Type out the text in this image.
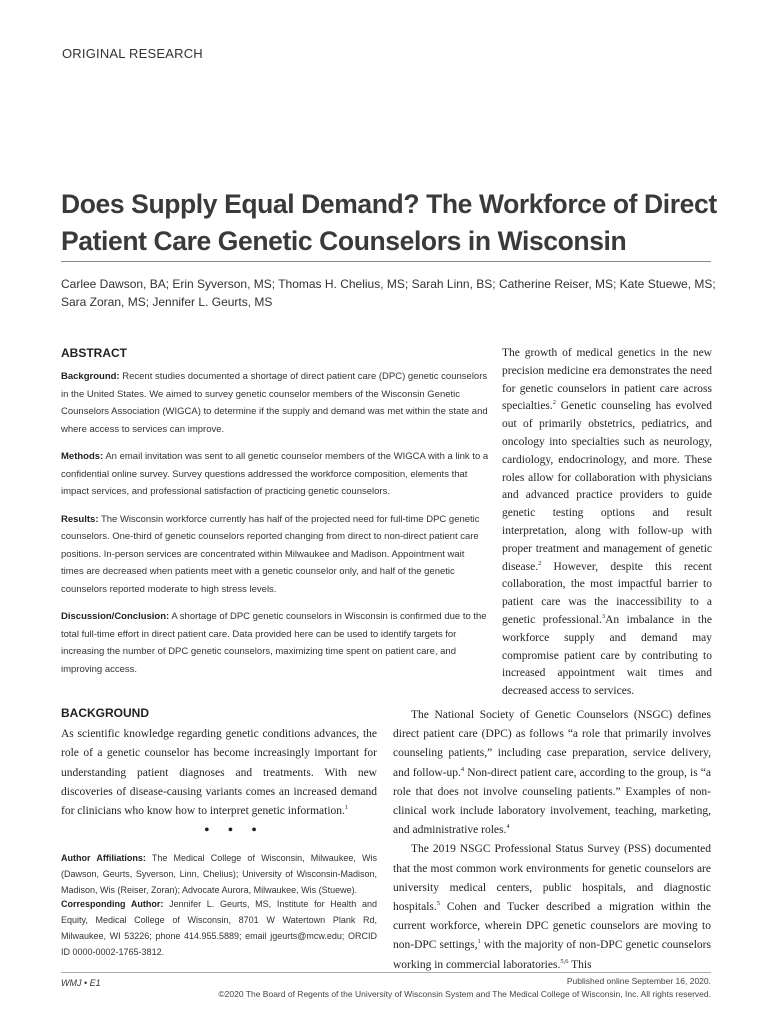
ORIGINAL RESEARCH
Does Supply Equal Demand? The Workforce of Direct Patient Care Genetic Counselors in Wisconsin

Carlee Dawson, BA; Erin Syverson, MS; Thomas H. Chelius, MS; Sarah Linn, BS; Catherine Reiser, MS; Kate Stuewe, MS; Sara Zoran, MS; Jennifer L. Geurts, MS

ABSTRACT

Background: Recent studies documented a shortage of direct patient care (DPC) genetic counselors in the United States. We aimed to survey genetic counselor members of the Wisconsin Genetic Counselors Association (WIGCA) to determine if the supply and demand was met within the state and where access to services can improve.

Methods: An email invitation was sent to all genetic counselor members of the WIGCA with a link to a confidential online survey. Survey questions addressed the workforce composition, elements that impact services, and professional satisfaction of practicing genetic counselors.

Results: The Wisconsin workforce currently has half of the projected need for full-time DPC genetic counselors. One-third of genetic counselors reported changing from direct to non-direct patient care positions. In-person services are concentrated within Milwaukee and Madison. Appointment wait times are decreased when patients meet with a genetic counselor only, and half of the genetic counselors reported moderate to high stress levels.

Discussion/Conclusion: A shortage of DPC genetic counselors in Wisconsin is confirmed due to the total full-time effort in direct patient care. Data provided here can be used to identify targets for increasing the number of DPC genetic counselors, maximizing time spent on patient care, and improving access.

The growth of medical genetics in the new precision medicine era demonstrates the need for genetic counselors in patient care across specialties.$^2$ Genetic counseling has evolved out of primarily obstetrics, pediatrics, and oncology into specialties such as neurology, cardiology, endocrinology, and more. These roles allow for collaboration with physicians and advanced practice providers to guide genetic testing options and result interpretation, along with follow-up with proper treatment and management of genetic disease.$^2$ However, despite this recent collaboration, the most impactful barrier to patient care was the inaccessibility to a genetic professional.$^3$An imbalance in the workforce supply and demand may compromise patient care by contributing to increased appointment wait times and decreased access to services.

BACKGROUND

As scientific knowledge regarding genetic conditions advances, the role of a genetic counselor has become increasingly important for understanding patient diagnoses and treatments. With new discoveries of disease-causing variants comes an increased demand for clinicians who know how to interpret genetic information.$^1$

• • •

Author Affiliations: The Medical College of Wisconsin, Milwaukee, Wis (Dawson, Geurts, Syverson, Linn, Chelius); University of Wisconsin-Madison, Madison, Wis (Reiser, Zoran); Advocate Aurora, Milwaukee, Wis (Stuewe).

Corresponding Author: Jennifer L. Geurts, MS, Institute for Health and Equity, Medical College of Wisconsin, 8701 W Watertown Plank Rd, Milwaukee, WI 53226; phone 414.955.5889; email jgeurts@mcw.edu; ORCID ID 0000-0002-1765-3812.

The National Society of Genetic Counselors (NSGC) defines direct patient care (DPC) as follows “a role that primarily involves counseling patients,” including case preparation, service delivery, and follow-up.$^4$ Non-direct patient care, according to the group, is “a role that does not involve counseling patients.” Examples of non-clinical work include laboratory involvement, teaching, marketing, and administrative roles.$^4$

The 2019 NSGC Professional Status Survey (PSS) documented that the most common work environments for genetic counselors are university medical centers, public hospitals, and diagnostic hospitals.$^5$ Cohen and Tucker described a migration within the current workforce, wherein DPC genetic counselors are moving to non-DPC settings,$^1$ with the majority of non-DPC genetic counselors working in commercial laboratories.$^{5,6}$ This

WMJ • E1	Published online September 16, 2020.
©2020 The Board of Regents of the University of Wisconsin System and The Medical College of Wisconsin, Inc. All rights reserved.
